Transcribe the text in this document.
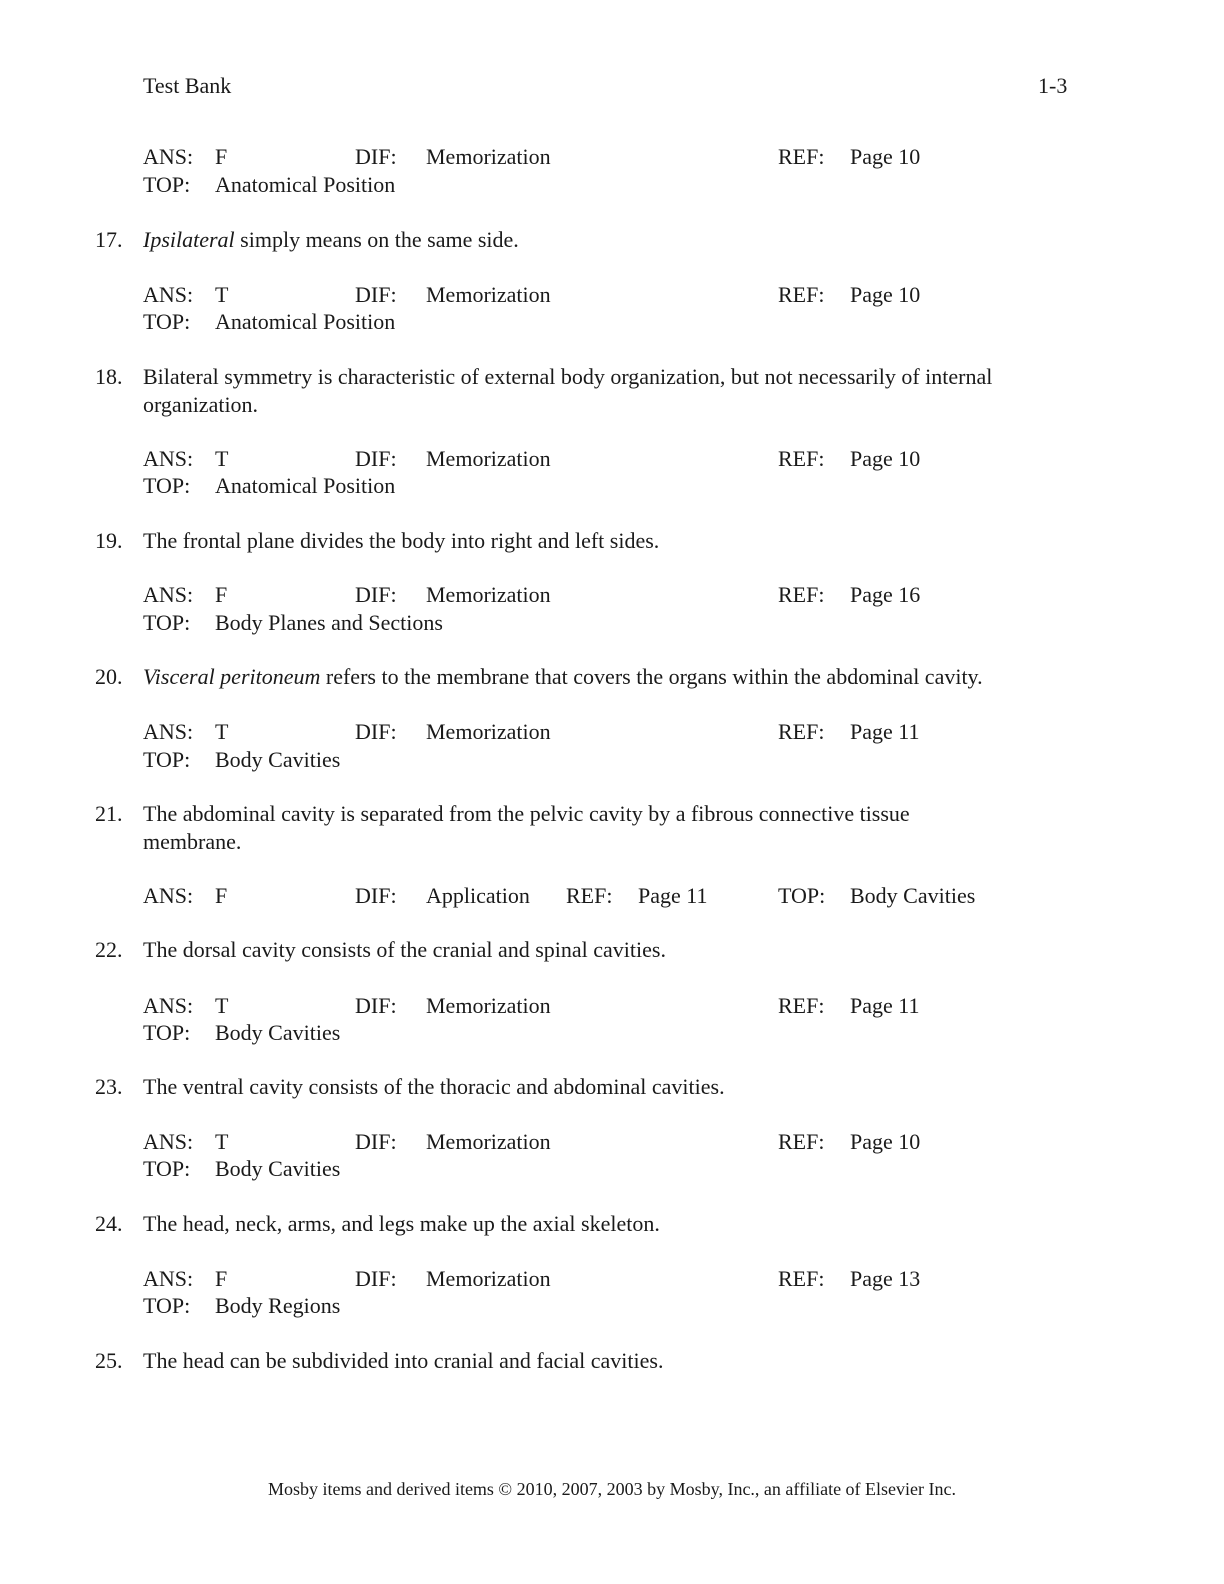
Test Bank	1-3
ANS: F	DIF: Memorization	REF: Page 10
TOP: Anatomical Position
17. Ipsilateral simply means on the same side.
ANS: T	DIF: Memorization	REF: Page 10
TOP: Anatomical Position
18. Bilateral symmetry is characteristic of external body organization, but not necessarily of internal organization.
ANS: T	DIF: Memorization	REF: Page 10
TOP: Anatomical Position
19. The frontal plane divides the body into right and left sides.
ANS: F	DIF: Memorization	REF: Page 16
TOP: Body Planes and Sections
20. Visceral peritoneum refers to the membrane that covers the organs within the abdominal cavity.
ANS: T	DIF: Memorization	REF: Page 11
TOP: Body Cavities
21. The abdominal cavity is separated from the pelvic cavity by a fibrous connective tissue membrane.
ANS: F	DIF: Application REF: Page 11	TOP: Body Cavities
22. The dorsal cavity consists of the cranial and spinal cavities.
ANS: T	DIF: Memorization	REF: Page 11
TOP: Body Cavities
23. The ventral cavity consists of the thoracic and abdominal cavities.
ANS: T	DIF: Memorization	REF: Page 10
TOP: Body Cavities
24. The head, neck, arms, and legs make up the axial skeleton.
ANS: F	DIF: Memorization	REF: Page 13
TOP: Body Regions
25. The head can be subdivided into cranial and facial cavities.
Mosby items and derived items © 2010, 2007, 2003 by Mosby, Inc., an affiliate of Elsevier Inc.
